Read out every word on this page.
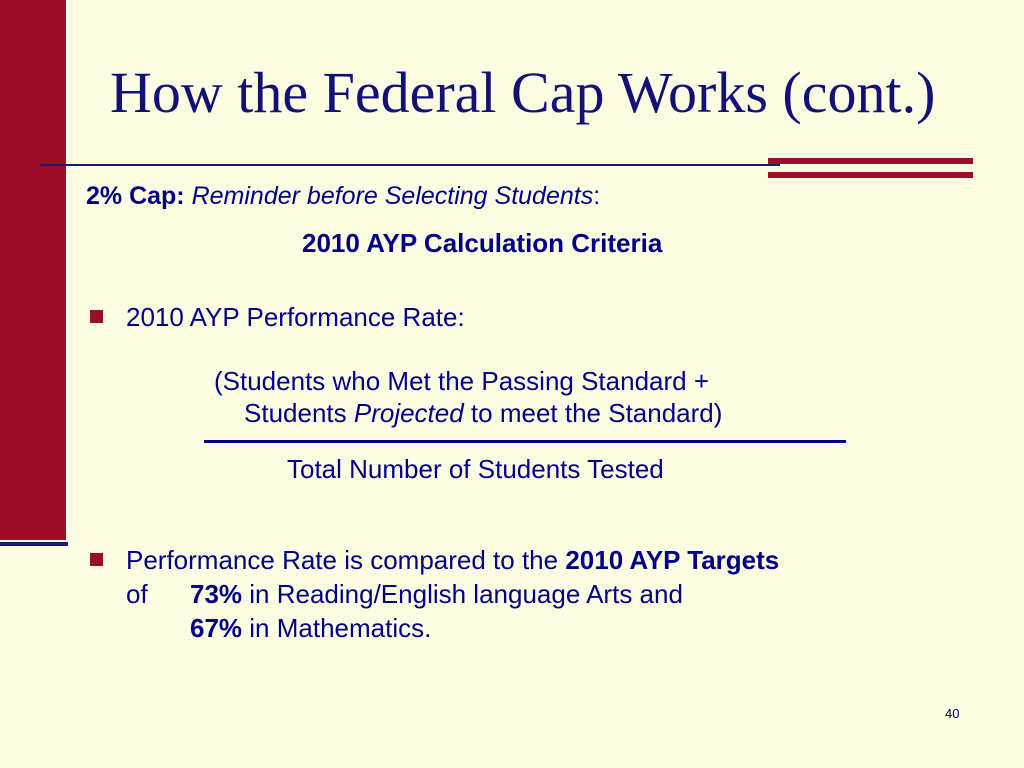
How the Federal Cap Works (cont.)
2% Cap: Reminder before Selecting Students:
2010 AYP Calculation Criteria
2010 AYP Performance Rate:
(Students who Met the Passing Standard +
Students Projected to meet the Standard)
Total Number of Students Tested
Performance Rate is compared to the 2010 AYP Targets
of 73% in Reading/English language Arts and
67% in Mathematics.
40
